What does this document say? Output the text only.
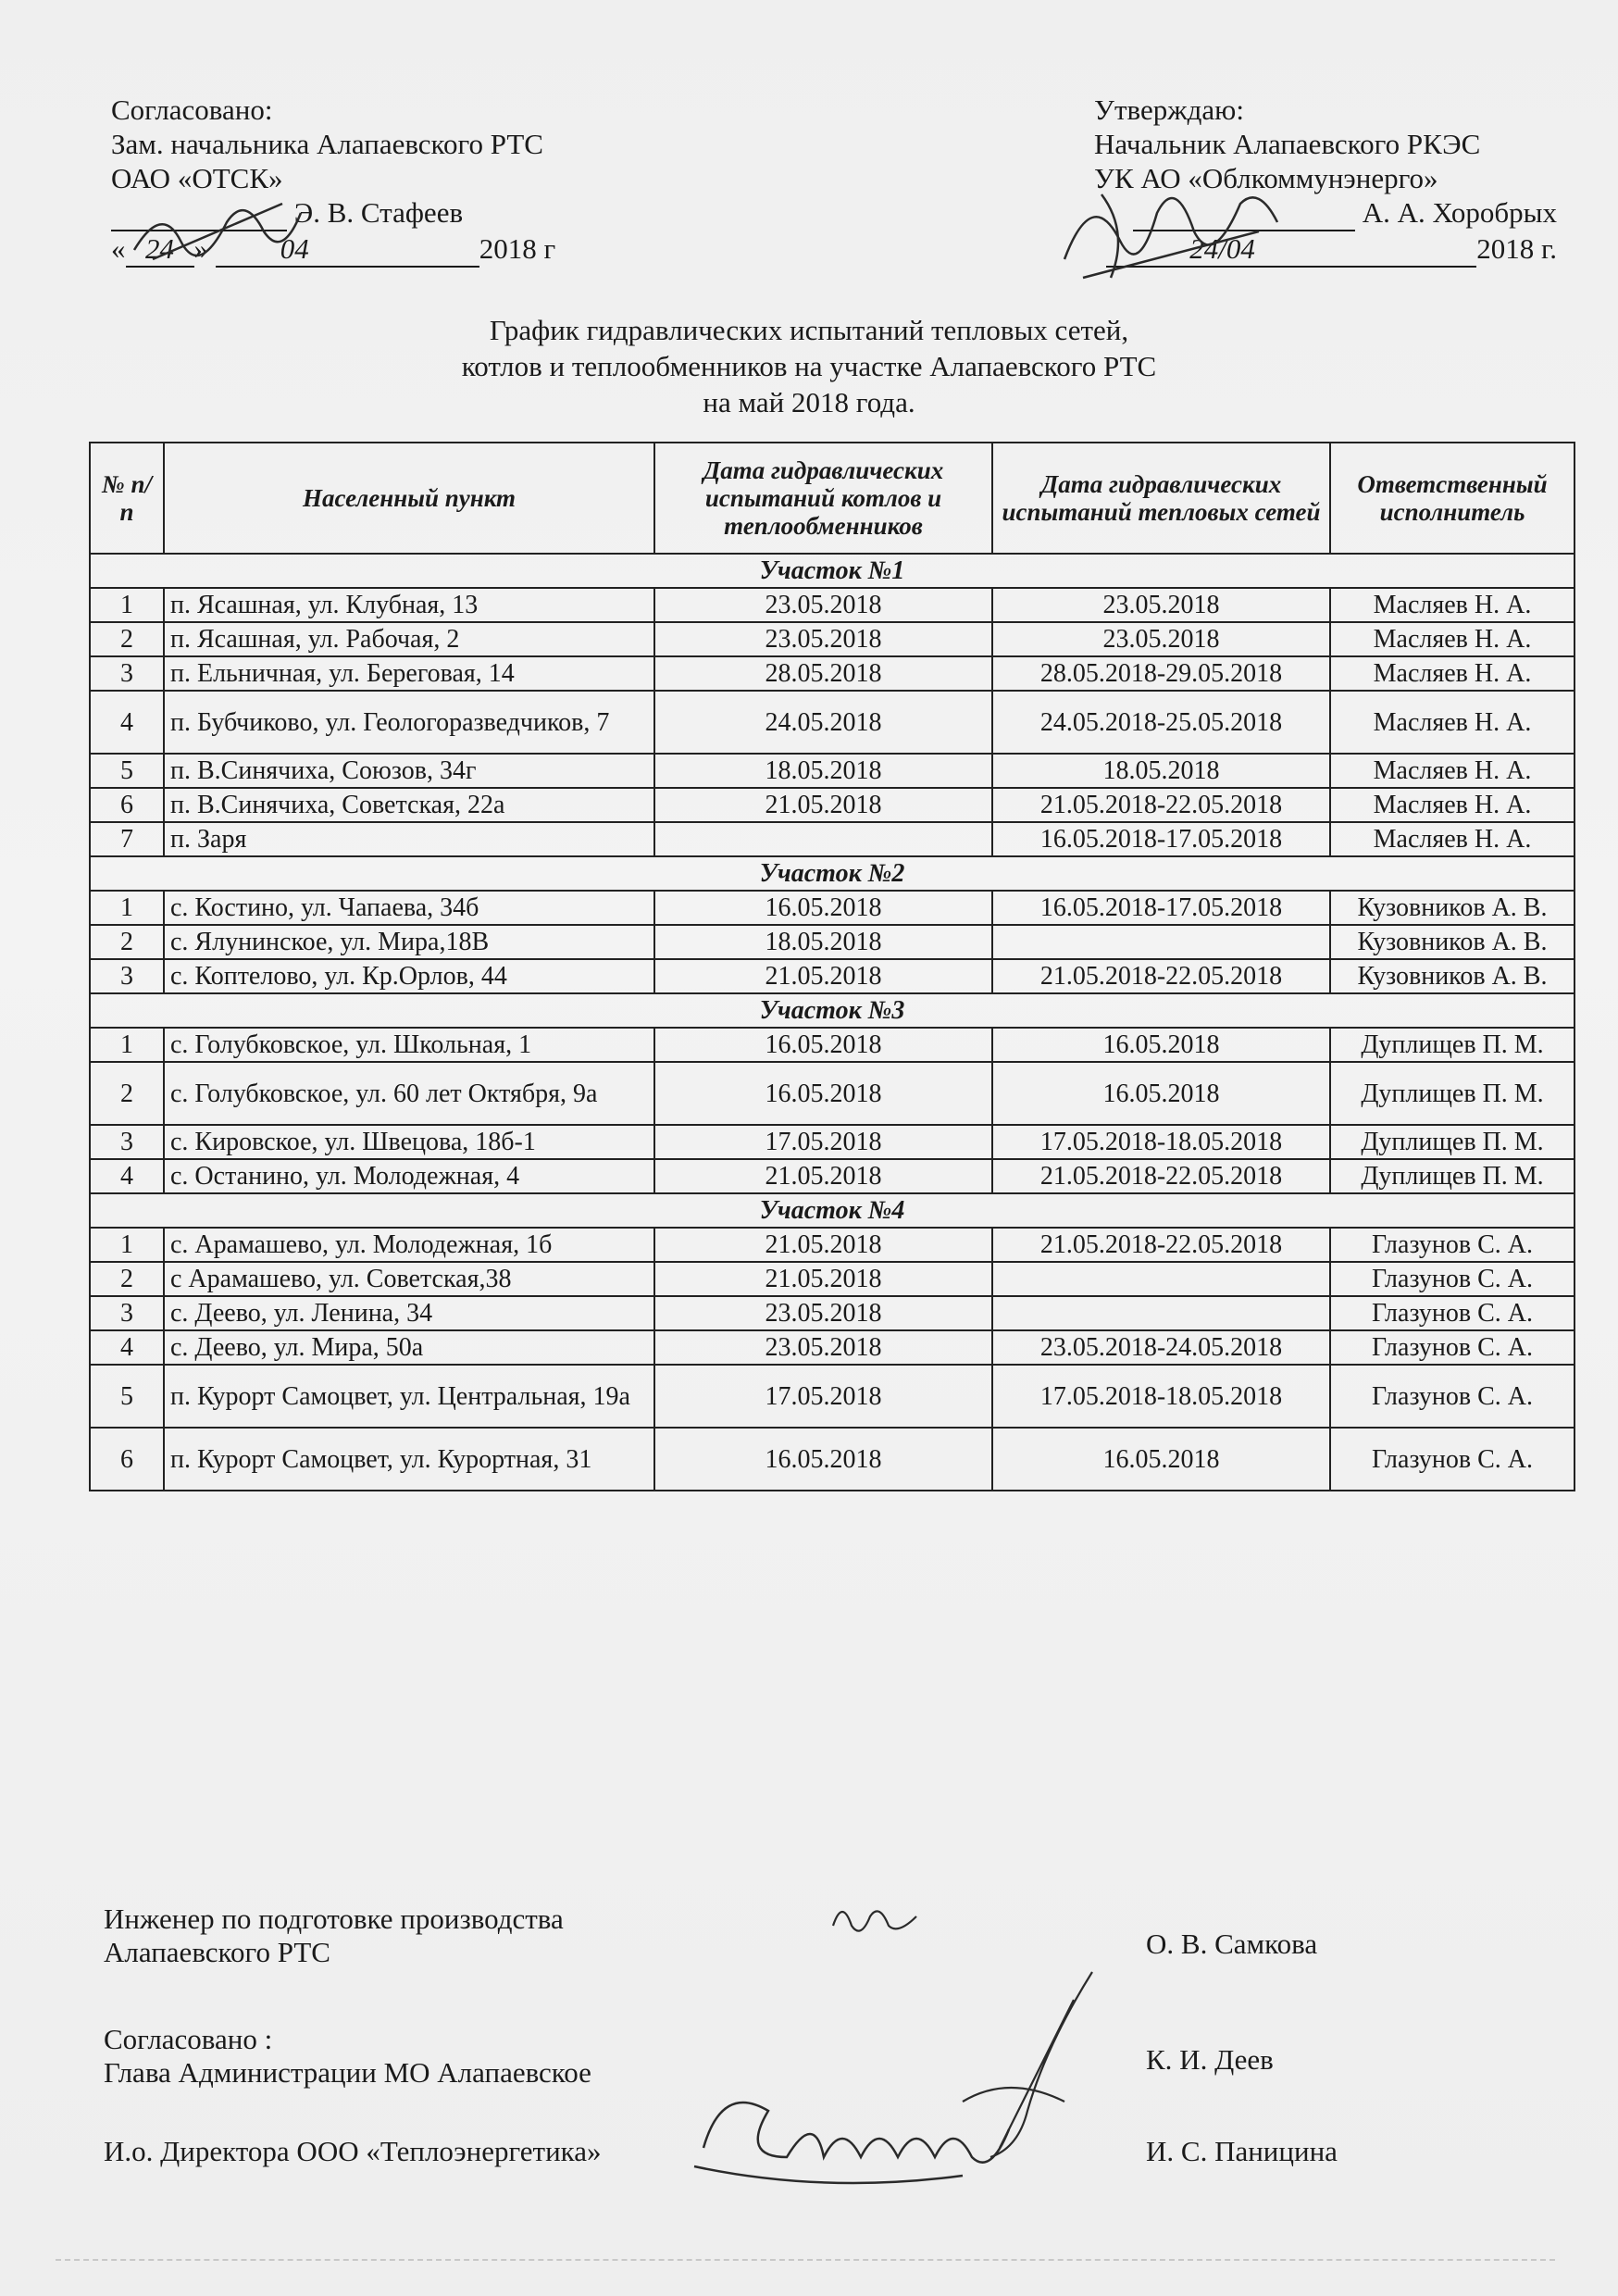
Согласовано:
Зам. начальника Алапаевского РТС
ОАО «ОТСК»
Э. В. Стафеев
« 24 »	04	2018 г
Утверждаю:
Начальник Алапаевского РКЭС
УК АО «Облкоммунэнерго»
А. А. Хоробрых
24/04	2018 г.
График гидравлических испытаний тепловых сетей,
котлов и теплообменников на участке Алапаевского РТС
на май 2018 года.
№ п/п	Населенный пункт	Дата гидравлических испытаний котлов и теплообменников	Дата гидравлических испытаний тепловых сетей	Ответственный исполнитель
Участок №1				
1	п. Ясашная, ул. Клубная, 13	23.05.2018	23.05.2018	Масляев Н. А.
2	п. Ясашная, ул. Рабочая, 2	23.05.2018	23.05.2018	Масляев Н. А.
3	п. Ельничная, ул. Береговая, 14	28.05.2018	28.05.2018-29.05.2018	Масляев Н. А.
4	п. Бубчиково, ул. Геологоразведчиков, 7	24.05.2018	24.05.2018-25.05.2018	Масляев Н. А.
5	п. В.Синячиха, Союзов, 34г	18.05.2018	18.05.2018	Масляев Н. А.
6	п. В.Синячиха, Советская, 22а	21.05.2018	21.05.2018-22.05.2018	Масляев Н. А.
7	п. Заря		16.05.2018-17.05.2018	Масляев Н. А.
Участок №2				
1	с. Костино, ул. Чапаева, 34б	16.05.2018	16.05.2018-17.05.2018	Кузовников А. В.
2	с. Ялунинское, ул. Мира,18В	18.05.2018		Кузовников А. В.
3	с. Коптелово, ул. Кр.Орлов, 44	21.05.2018	21.05.2018-22.05.2018	Кузовников А. В.
Участок №3				
1	с. Голубковское, ул. Школьная, 1	16.05.2018	16.05.2018	Дуплищев П. М.
2	с. Голубковское, ул. 60 лет Октября, 9а	16.05.2018	16.05.2018	Дуплищев П. М.
3	с. Кировское, ул. Швецова, 18б-1	17.05.2018	17.05.2018-18.05.2018	Дуплищев П. М.
4	с. Останино, ул. Молодежная, 4	21.05.2018	21.05.2018-22.05.2018	Дуплищев П. М.
Участок №4				
1	с. Арамашево, ул. Молодежная, 1б	21.05.2018	21.05.2018-22.05.2018	Глазунов С. А.
2	с Арамашево, ул. Советская,38	21.05.2018		Глазунов С. А.
3	с. Деево, ул. Ленина, 34	23.05.2018		Глазунов С. А.
4	с. Деево, ул. Мира, 50а	23.05.2018	23.05.2018-24.05.2018	Глазунов С. А.
5	п. Курорт Самоцвет, ул. Центральная, 19а	17.05.2018	17.05.2018-18.05.2018	Глазунов С. А.
6	п. Курорт Самоцвет, ул. Курортная, 31	16.05.2018	16.05.2018	Глазунов С. А.
Инженер по подготовке производства
Алапаевского РТС	О. В. Самкова
Согласовано :
Глава Администрации МО Алапаевское	К. И. Деев
И.о. Директора ООО «Теплоэнергетика»	И. С. Паницина
